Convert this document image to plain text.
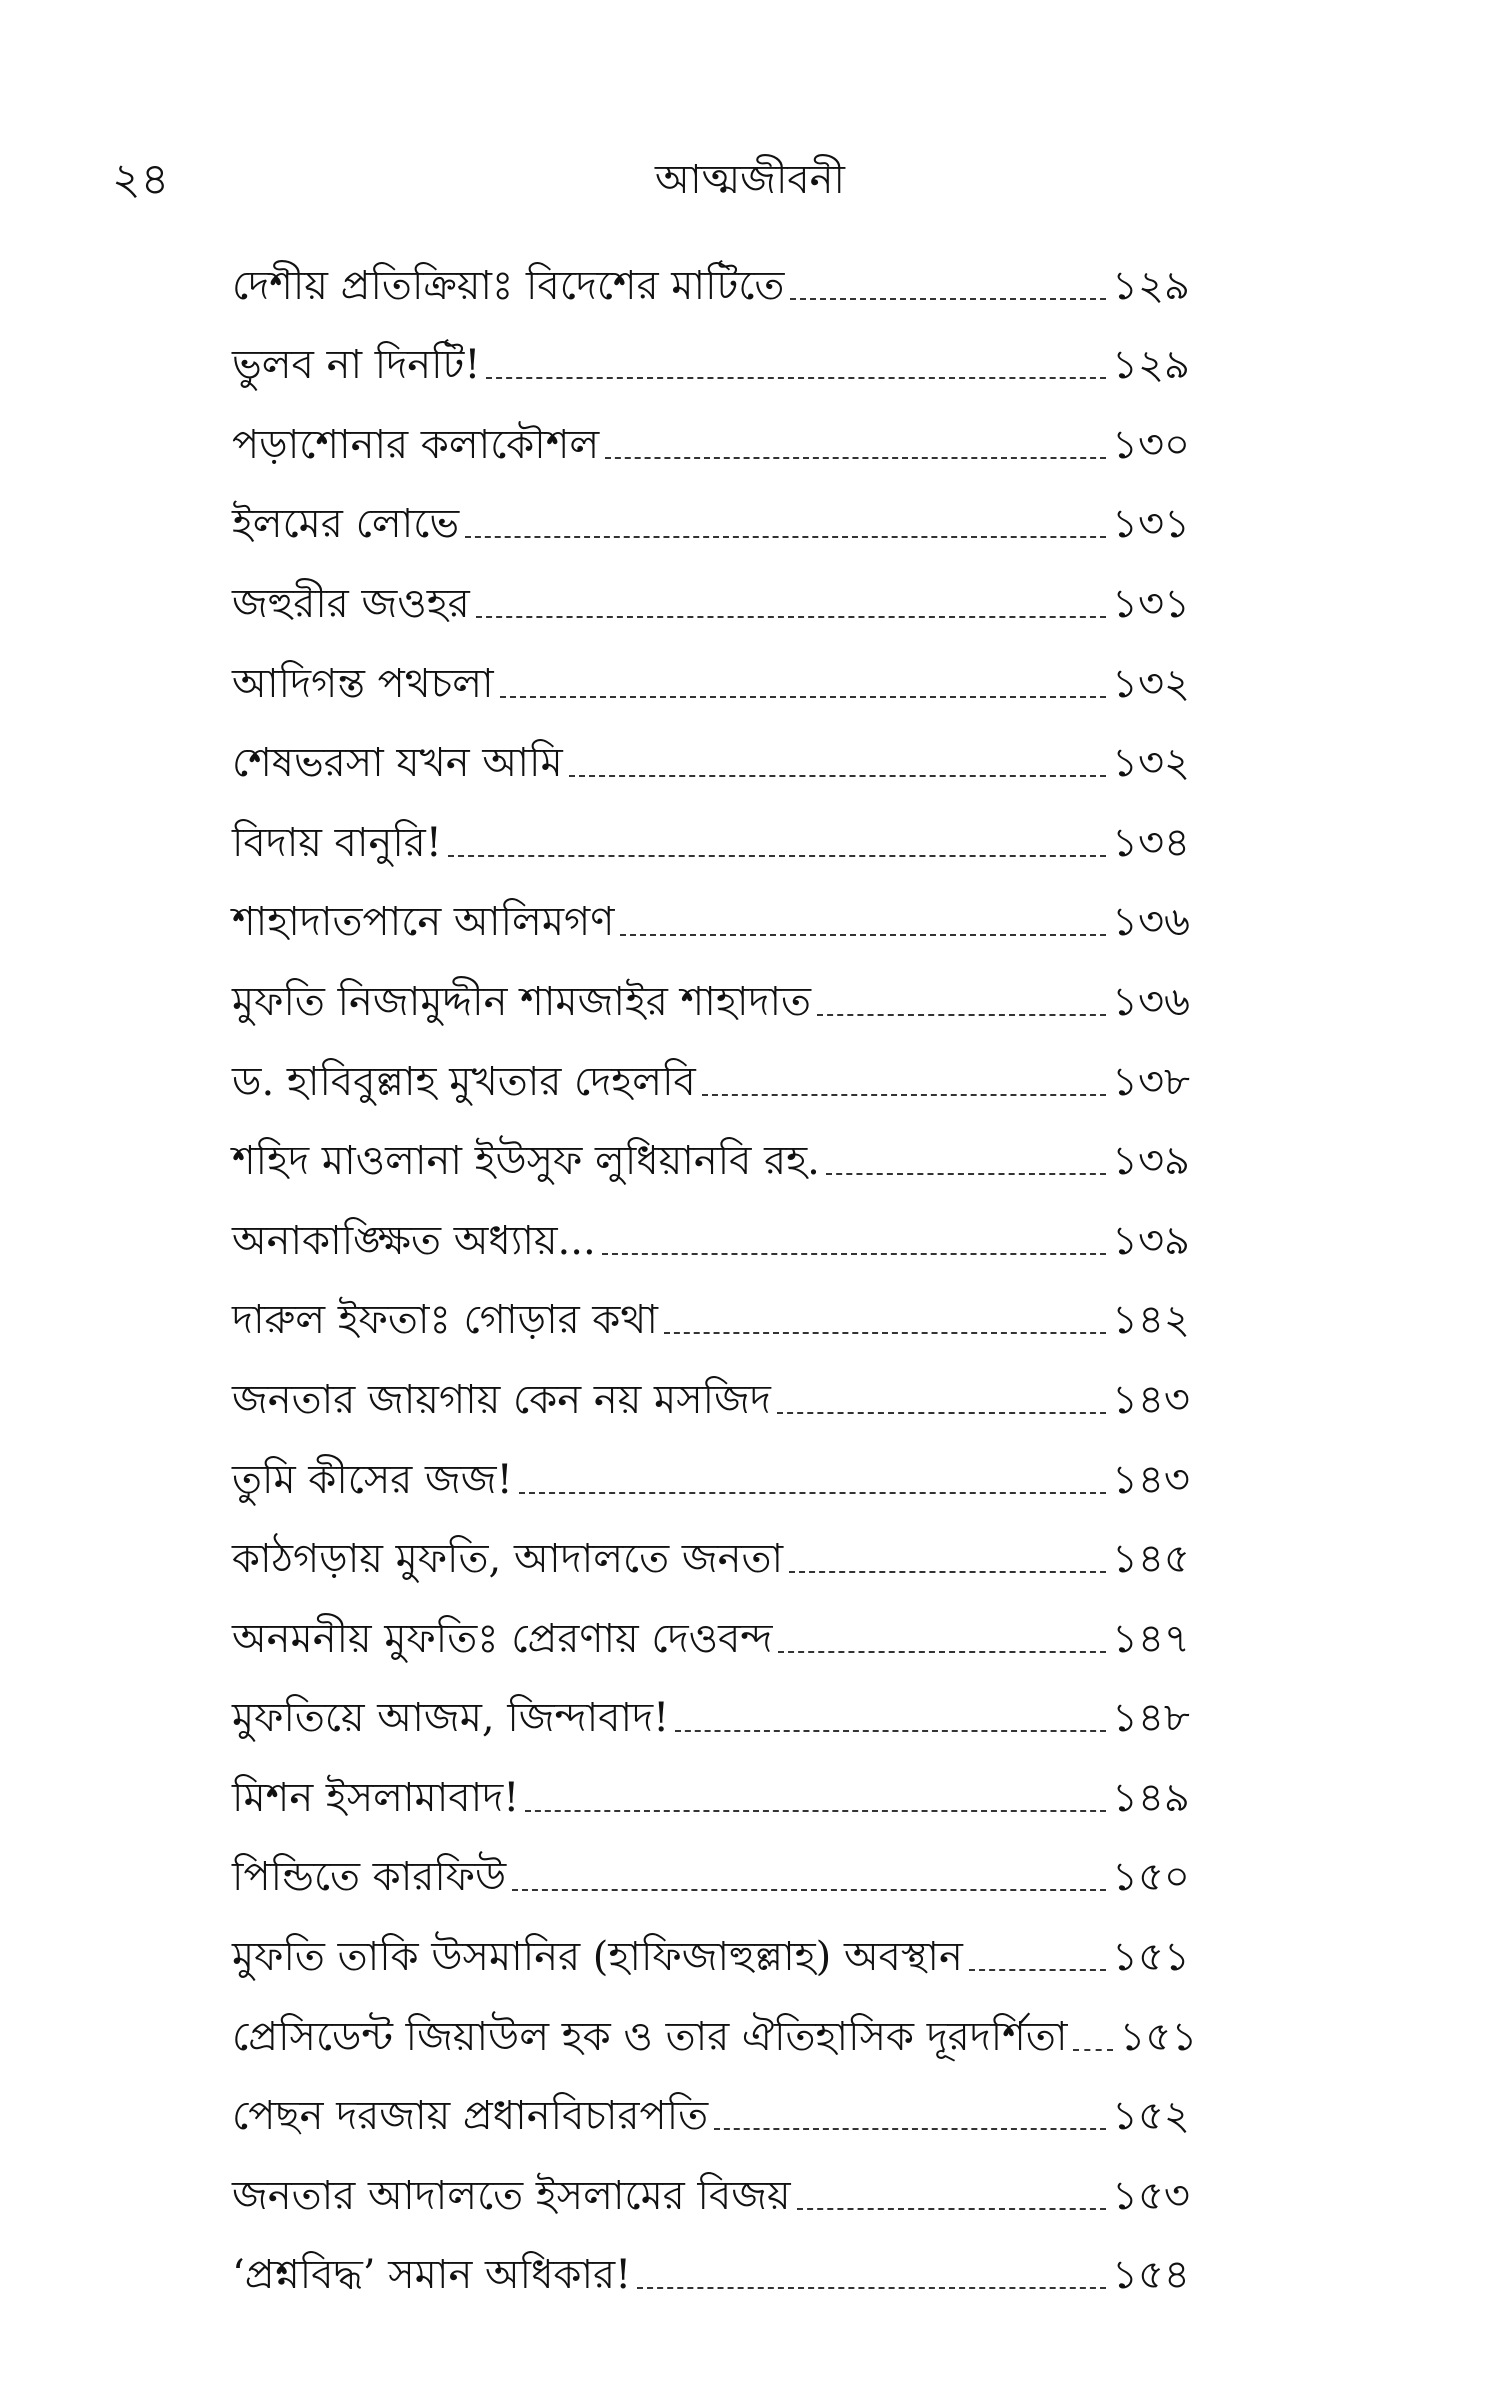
২৪	আত্মজীবনী
দেশীয় প্রতিক্রিয়াঃ বিদেশের মাটিতে	১২৯
ভুলব না দিনটি!	১২৯
পড়াশোনার কলাকৌশল	১৩০
ইলমের লোভে	১৩১
জহুরীর জওহর	১৩১
আদিগন্ত পথচলা	১৩২
শেষভরসা যখন আমি	১৩২
বিদায় বানুরি!	১৩৪
শাহাদাতপানে আলিমগণ	১৩৬
মুফতি নিজামুদ্দীন শামজাইর শাহাদাত	১৩৬
ড. হাবিবুল্লাহ মুখতার দেহলবি	১৩৮
শহিদ মাওলানা ইউসুফ লুধিয়ানবি রহ.	১৩৯
অনাকাঙ্ক্ষিত অধ্যায়...	১৩৯
দারুল ইফতাঃ গোড়ার কথা	১৪২
জনতার জায়গায় কেন নয় মসজিদ	১৪৩
তুমি কীসের জজ!	১৪৩
কাঠগড়ায় মুফতি, আদালতে জনতা	১৪৫
অনমনীয় মুফতিঃ প্রেরণায় দেওবন্দ	১৪৭
মুফতিয়ে আজম, জিন্দাবাদ!	১৪৮
মিশন ইসলামাবাদ!	১৪৯
পিন্ডিতে কারফিউ	১৫০
মুফতি তাকি উসমানির (হাফিজাহুল্লাহ) অবস্থান	১৫১
প্রেসিডেন্ট জিয়াউল হক ও তার ঐতিহাসিক দূরদর্শিতা ১৫১
পেছন দরজায় প্রধানবিচারপতি	১৫২
জনতার আদালতে ইসলামের বিজয়	১৫৩
‘প্রশ্নবিদ্ধ’ সমান অধিকার!	১৫৪
